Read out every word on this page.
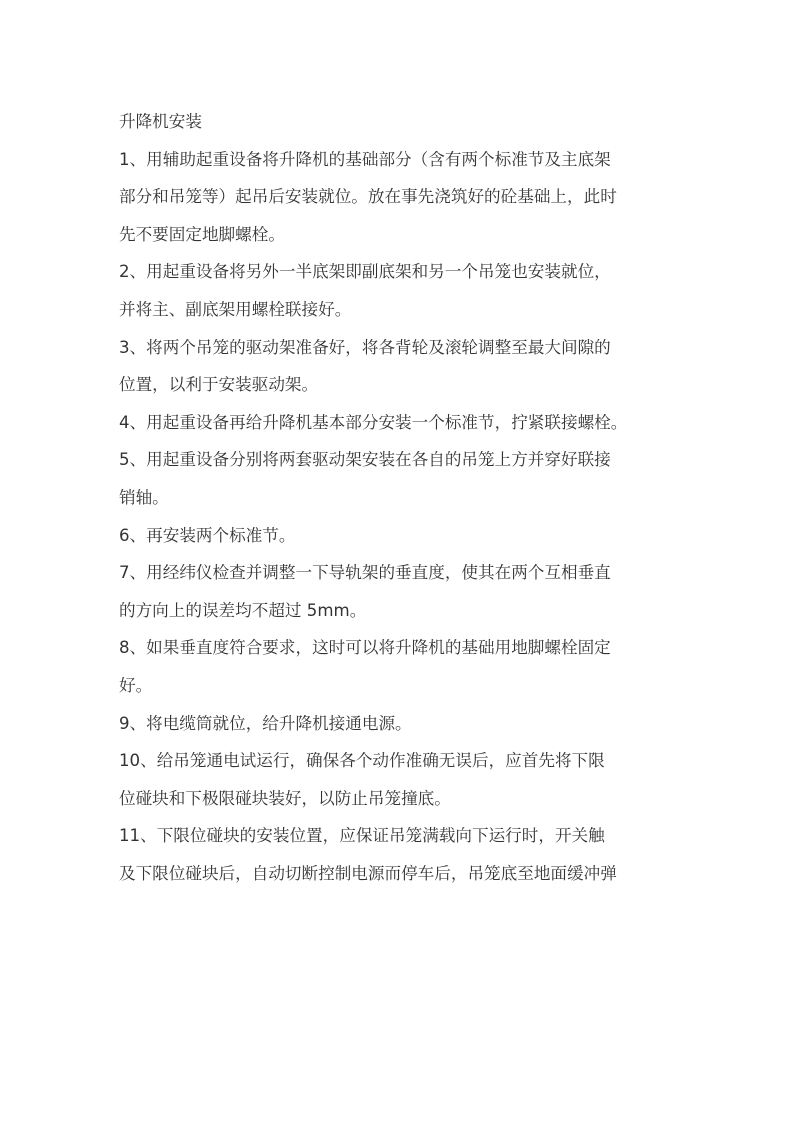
升降机安装
1、用辅助起重设备将升降机的基础部分（含有两个标准节及主底架
部分和吊笼等）起吊后安装就位。放在事先浇筑好的砼基础上，此时
先不要固定地脚螺栓。
2、用起重设备将另外一半底架即副底架和另一个吊笼也安装就位，
并将主、副底架用螺栓联接好。
3、将两个吊笼的驱动架准备好，将各背轮及滚轮调整至最大间隙的
位置，以利于安装驱动架。
4、用起重设备再给升降机基本部分安装一个标准节，拧紧联接螺栓。
5、用起重设备分别将两套驱动架安装在各自的吊笼上方并穿好联接
销轴。
6、再安装两个标准节。
7、用经纬仪检查并调整一下导轨架的垂直度，使其在两个互相垂直
的方向上的误差均不超过 5mm。
8、如果垂直度符合要求，这时可以将升降机的基础用地脚螺栓固定
好。
9、将电缆筒就位，给升降机接通电源。
10、给吊笼通电试运行，确保各个动作准确无误后，应首先将下限
位碰块和下极限碰块装好，以防止吊笼撞底。
11、下限位碰块的安装位置，应保证吊笼满载向下运行时，开关触
及下限位碰块后，自动切断控制电源而停车后，吊笼底至地面缓冲弹
